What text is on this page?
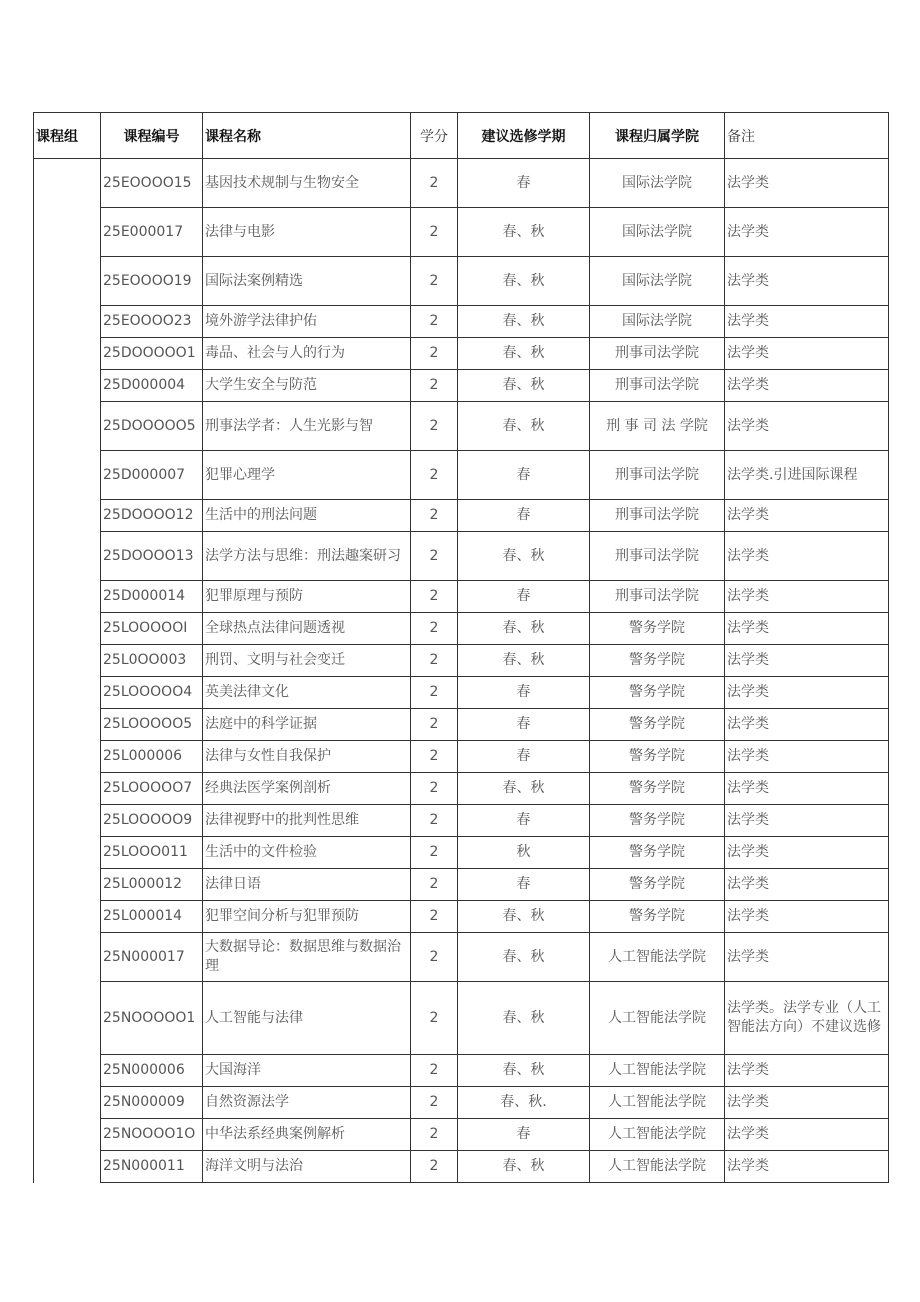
课程组	课程编号	课程名称	学分	建议选修学期	课程归属学院	备注
	25EOOOO15	基因技术规制与生物安全	2	春	国际法学院	法学类
	25E000017	法律与电影	2	春、秋	国际法学院	法学类
	25EOOOO19	国际法案例精选	2	春、秋	国际法学院	法学类
	25EOOOO23	境外游学法律护佑	2	春、秋	国际法学院	法学类
	25DOOOOO1	毒品、社会与人的行为	2	春、秋	刑事司法学院	法学类
	25D000004	大学生安全与防范	2	春、秋	刑事司法学院	法学类
	25DOOOOO5	刑事法学者：人生光影与智	2	春、秋	刑 事 司 法 学院	法学类
	25D000007	犯罪心理学	2	春	刑事司法学院	法学类.引进国际课程
	25DOOOO12	生活中的刑法问题	2	春	刑事司法学院	法学类
	25DOOOO13	法学方法与思维：刑法趣案研习	2	春、秋	刑事司法学院	法学类
	25D000014	犯罪原理与预防	2	春	刑事司法学院	法学类
	25LOOOOOI	全球热点法律问题透视	2	春、秋	警务学院	法学类
	25L0OO003	刑罚、文明与社会变迁	2	春、秋	警务学院	法学类
	25LOOOOO4	英美法律文化	2	春	警务学院	法学类
	25LOOOOO5	法庭中的科学证据	2	春	警务学院	法学类
	25L000006	法律与女性自我保护	2	春	警务学院	法学类
	25LOOOOO7	经典法医学案例剖析	2	春、秋	警务学院	法学类
	25LOOOOO9	法律视野中的批判性思维	2	春	警务学院	法学类
	25LOOO011	生活中的文件检验	2	秋	警务学院	法学类
	25L000012	法律日语	2	春	警务学院	法学类
	25L000014	犯罪空间分析与犯罪预防	2	春、秋	警务学院	法学类
	25N000017	大数据导论：数据思维与数据治理	2	春、秋	人工智能法学院	法学类
	25NOOOOO1	人工智能与法律	2	春、秋	人工智能法学院	法学类。法学专业（人工智能法方向）不建议选修
	25N000006	大国海洋	2	春、秋	人工智能法学院	法学类
	25N000009	自然资源法学	2	春、秋.	人工智能法学院	法学类
	25NOOOO1O	中华法系经典案例解析	2	春	人工智能法学院	法学类
	25N000011	海洋文明与法治	2	春、秋	人工智能法学院	法学类
